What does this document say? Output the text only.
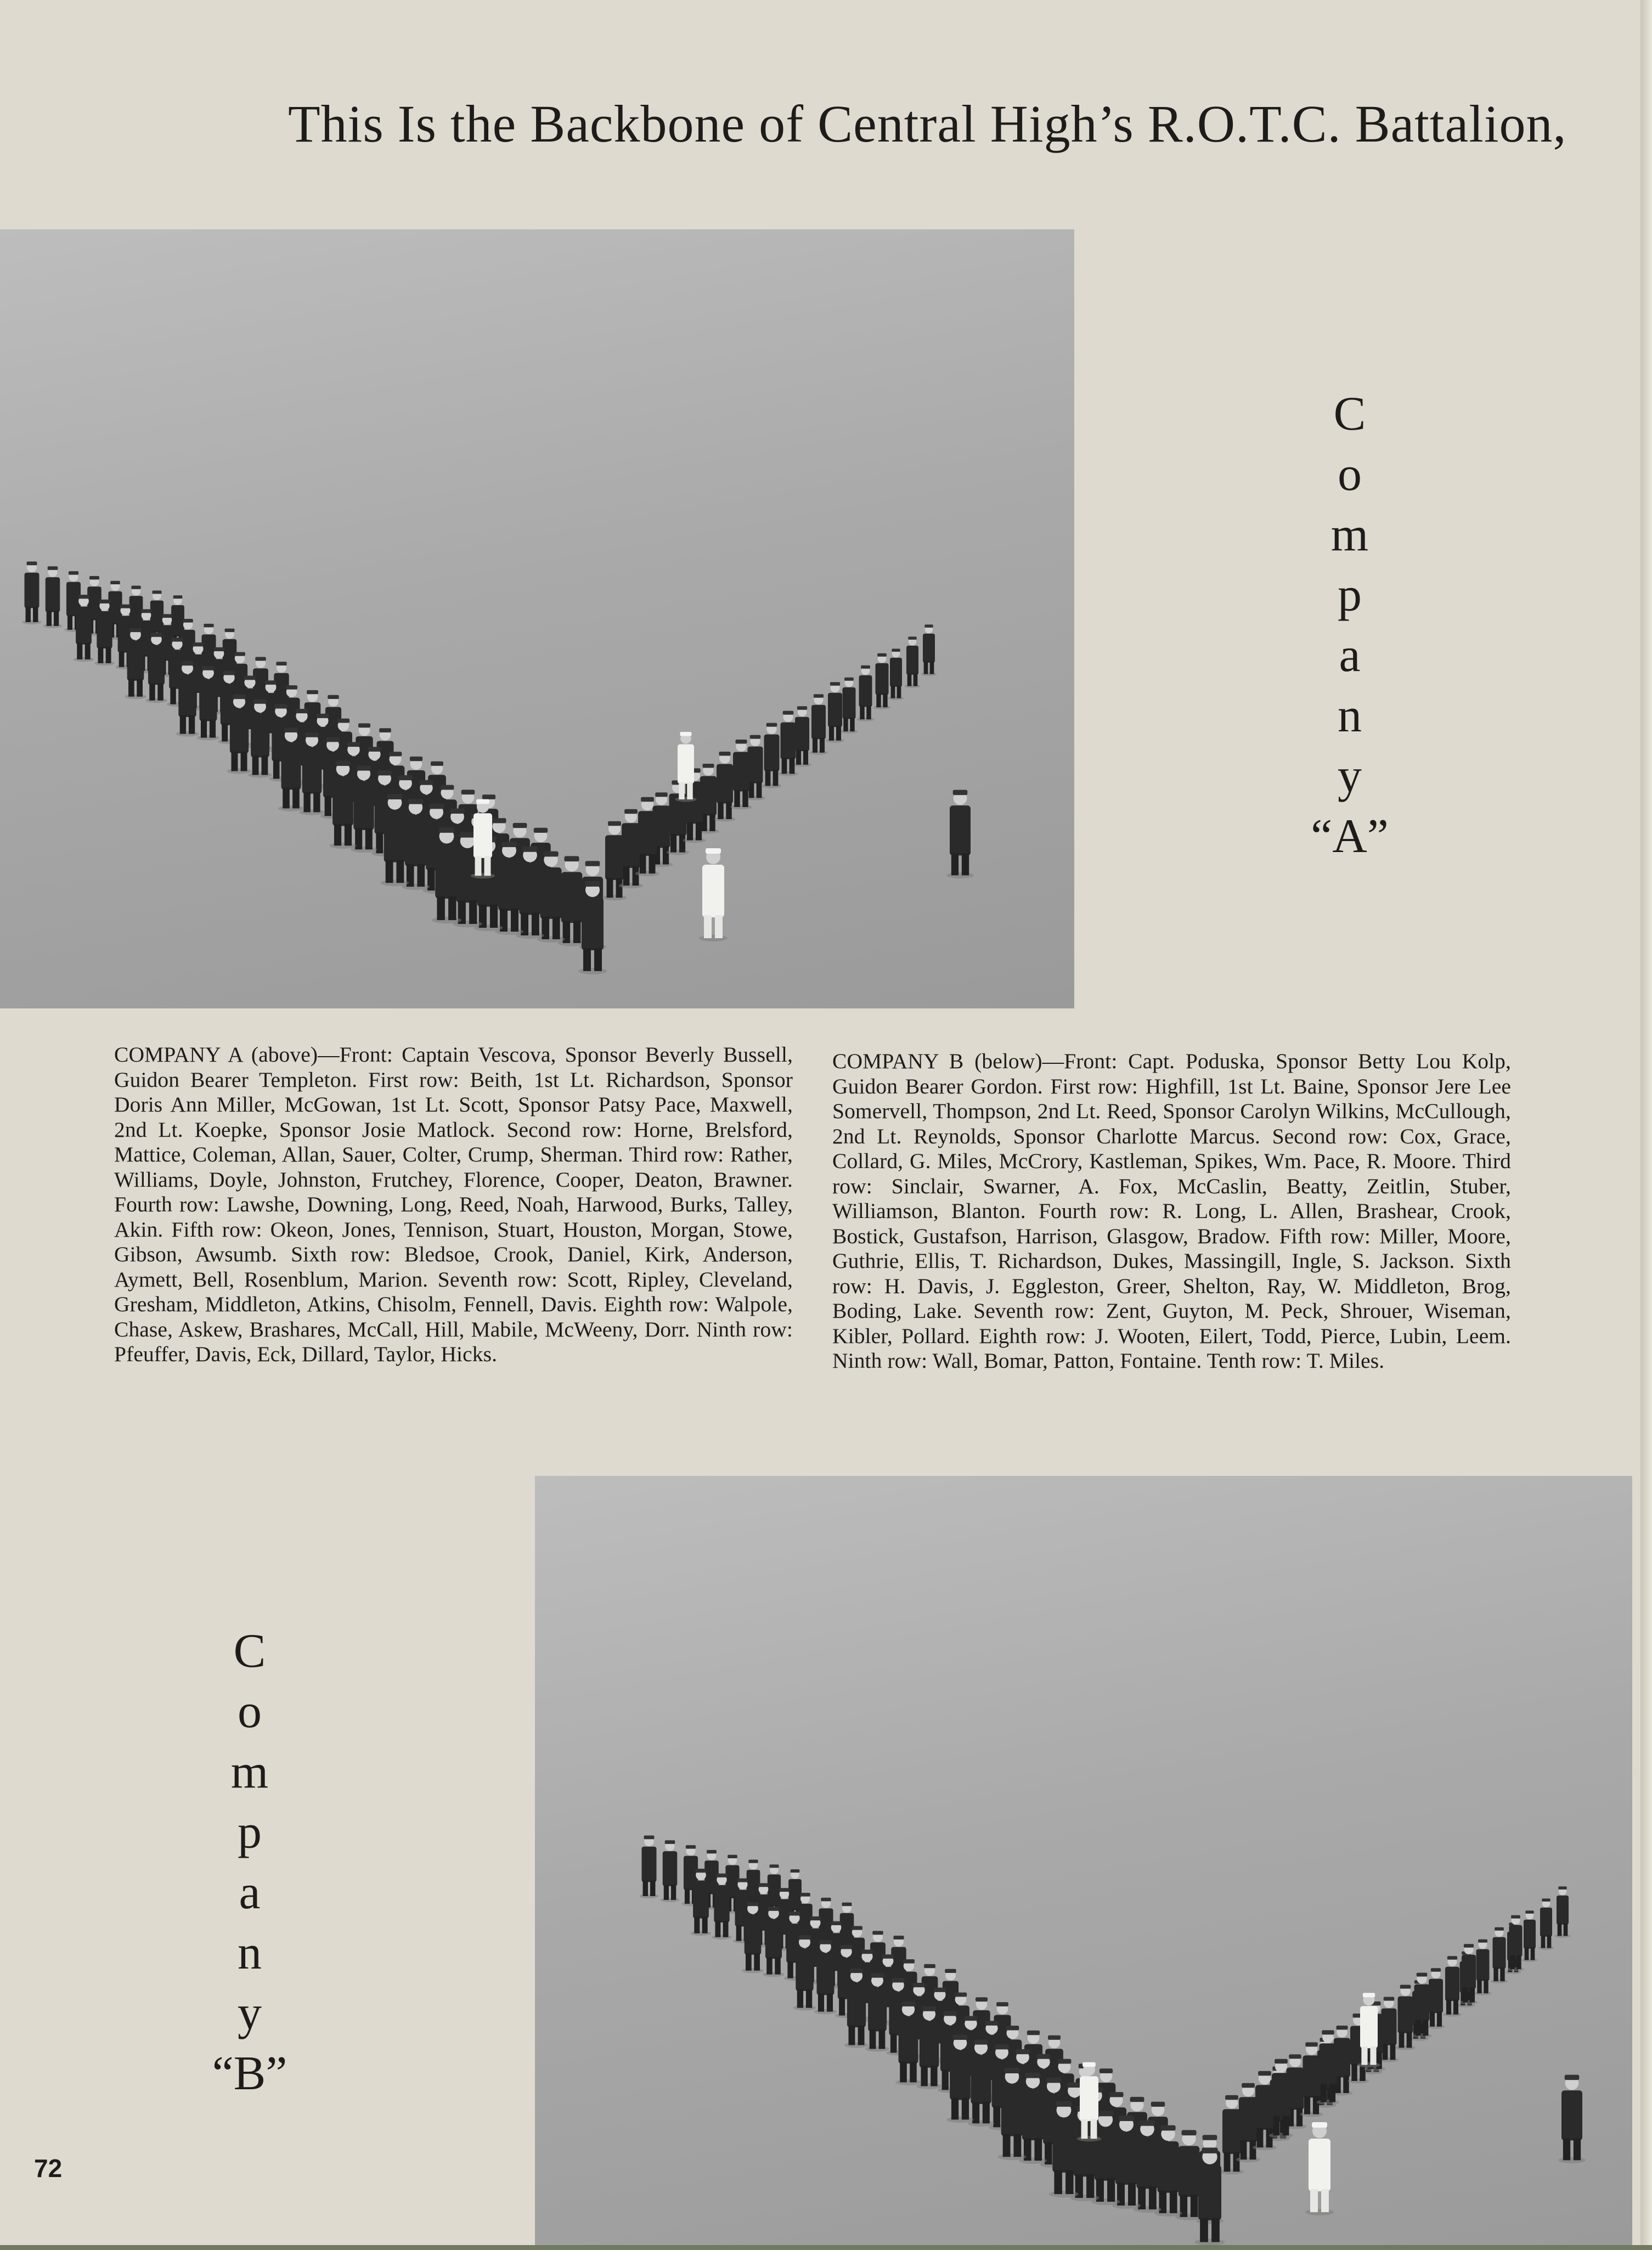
This Is the Backbone of Central High’s R.O.T.C. Battalion,
C
o
m
p
a
n
y
“A”

COMPANY A (above)—Front: Captain Vescova, Sponsor Beverly Bussell, Guidon Bearer Templeton. First row: Beith, 1st Lt. Richardson, Sponsor Doris Ann Miller, McGowan, 1st Lt. Scott, Sponsor Patsy Pace, Maxwell, 2nd Lt. Koepke, Sponsor Josie Matlock. Second row: Horne, Brelsford, Mattice, Coleman, Allan, Sauer, Colter, Crump, Sherman. Third row: Rather, Williams, Doyle, Johnston, Frutchey, Florence, Cooper, Deaton, Brawner. Fourth row: Lawshe, Downing, Long, Reed, Noah, Harwood, Burks, Talley, Akin. Fifth row: Okeon, Jones, Tennison, Stuart, Houston, Morgan, Stowe, Gibson, Awsumb. Sixth row: Bledsoe, Crook, Daniel, Kirk, Anderson, Aymett, Bell, Rosenblum, Marion. Seventh row: Scott, Ripley, Cleveland, Gresham, Middleton, Atkins, Chisolm, Fennell, Davis. Eighth row: Walpole, Chase, Askew, Brashares, McCall, Hill, Mabile, McWeeny, Dorr. Ninth row: Pfeuffer, Davis, Eck, Dillard, Taylor, Hicks.

COMPANY B (below)—Front: Capt. Poduska, Sponsor Betty Lou Kolp, Guidon Bearer Gordon. First row: Highfill, 1st Lt. Baine, Sponsor Jere Lee Somervell, Thompson, 2nd Lt. Reed, Sponsor Carolyn Wilkins, McCullough, 2nd Lt. Reynolds, Sponsor Charlotte Marcus. Second row: Cox, Grace, Collard, G. Miles, McCrory, Kastleman, Spikes, Wm. Pace, R. Moore. Third row: Sinclair, Swarner, A. Fox, McCaslin, Beatty, Zeitlin, Stuber, Williamson, Blanton. Fourth row: R. Long, L. Allen, Brashear, Crook, Bostick, Gustafson, Harrison, Glasgow, Bradow. Fifth row: Miller, Moore, Guthrie, Ellis, T. Richardson, Dukes, Massingill, Ingle, S. Jackson. Sixth row: H. Davis, J. Eggleston, Greer, Shelton, Ray, W. Middleton, Brog, Boding, Lake. Seventh row: Zent, Guyton, M. Peck, Shrouer, Wiseman, Kibler, Pollard. Eighth row: J. Wooten, Eilert, Todd, Pierce, Lubin, Leem. Ninth row: Wall, Bomar, Patton, Fontaine. Tenth row: T. Miles.

C
o
m
p
a
n
y
“B”
72
